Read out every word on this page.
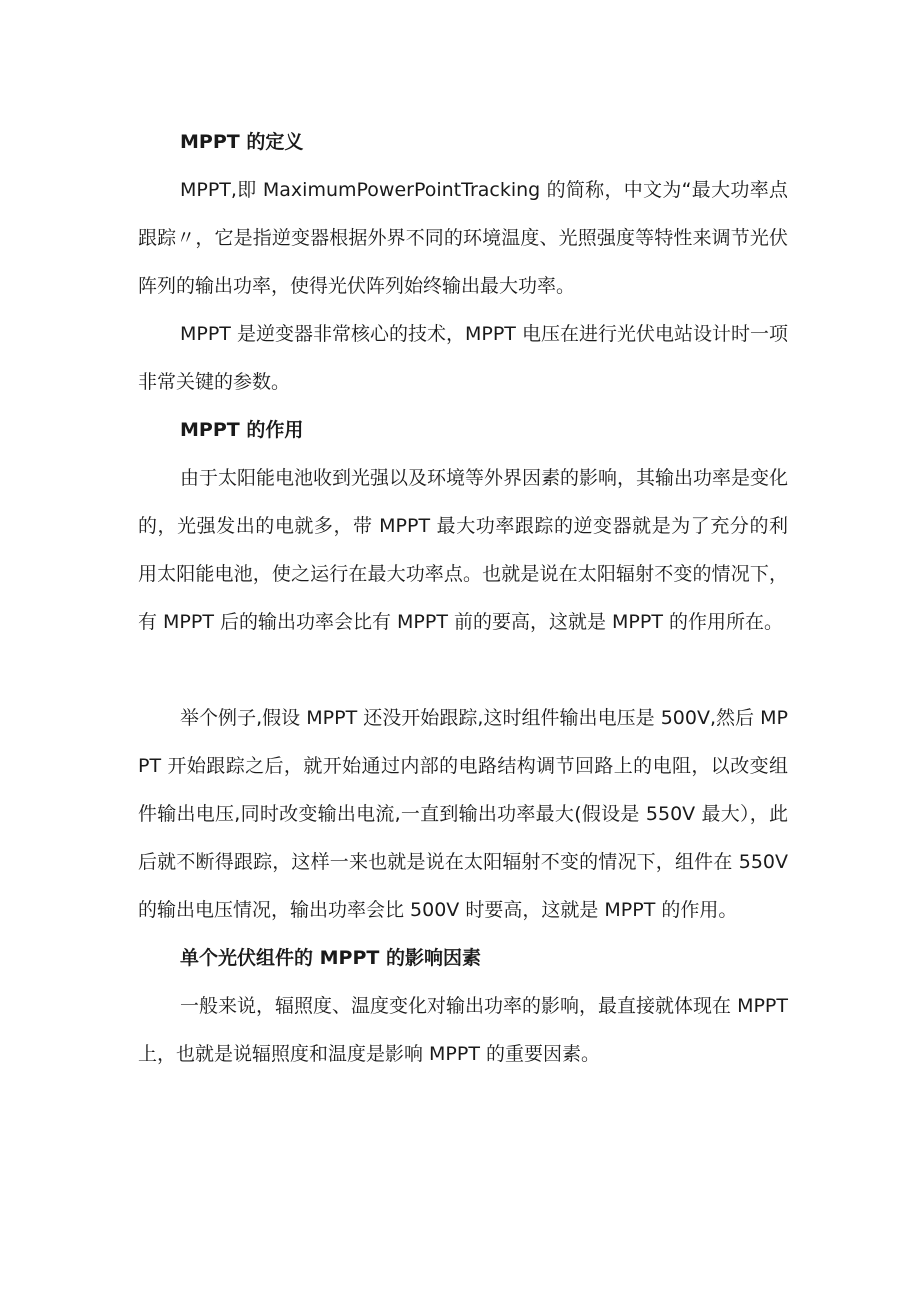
MPPT 的定义

MPPT,即 MaximumPowerPointTracking 的简称，中文为“最大功率点跟踪〃，它是指逆变器根据外界不同的环境温度、光照强度等特性来调节光伏阵列的输出功率，使得光伏阵列始终输出最大功率。

MPPT 是逆变器非常核心的技术，MPPT 电压在进行光伏电站设计时一项非常关键的参数。

MPPT 的作用

由于太阳能电池收到光强以及环境等外界因素的影响，其输出功率是变化的，光强发出的电就多，带 MPPT 最大功率跟踪的逆变器就是为了充分的利用太阳能电池，使之运行在最大功率点。也就是说在太阳辐射不变的情况下，有 MPPT 后的输出功率会比有 MPPT 前的要高，这就是 MPPT 的作用所在。

举个例子,假设 MPPT 还没开始跟踪,这时组件输出电压是 500V,然后 MPPT 开始跟踪之后，就开始通过内部的电路结构调节回路上的电阻，以改变组件输出电压,同时改变输出电流,一直到输出功率最大(假设是 550V 最大），此后就不断得跟踪，这样一来也就是说在太阳辐射不变的情况下，组件在 550V 的输出电压情况，输出功率会比 500V 时要高，这就是 MPPT 的作用。

单个光伏组件的 MPPT 的影响因素

一般来说，辐照度、温度变化对输出功率的影响，最直接就体现在 MPPT 上，也就是说辐照度和温度是影响 MPPT 的重要因素。
